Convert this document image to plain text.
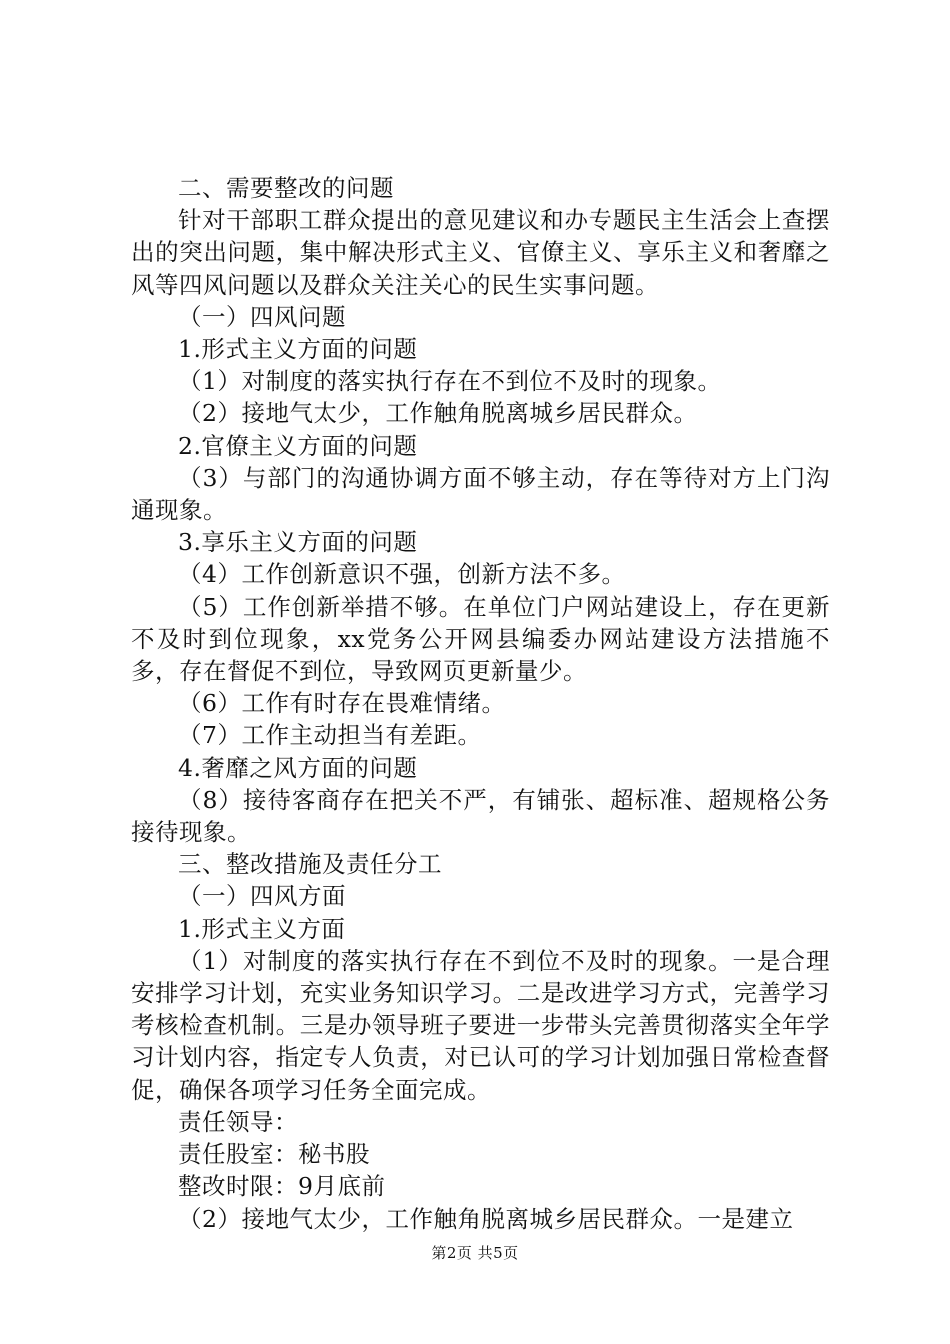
二、需要整改的问题

针对干部职工群众提出的意见建议和办专题民主生活会上查摆出的突出问题，集中解决形式主义、官僚主义、享乐主义和奢靡之风等四风问题以及群众关注关心的民生实事问题。

（一）四风问题

1.形式主义方面的问题

（1）对制度的落实执行存在不到位不及时的现象。

（2）接地气太少，工作触角脱离城乡居民群众。

2.官僚主义方面的问题

（3）与部门的沟通协调方面不够主动，存在等待对方上门沟通现象。

3.享乐主义方面的问题

（4）工作创新意识不强，创新方法不多。

（5）工作创新举措不够。在单位门户网站建设上，存在更新不及时到位现象，xx党务公开网县编委办网站建设方法措施不多，存在督促不到位，导致网页更新量少。

（6）工作有时存在畏难情绪。

（7）工作主动担当有差距。

4.奢靡之风方面的问题

（8）接待客商存在把关不严，有铺张、超标准、超规格公务接待现象。

三、整改措施及责任分工

（一）四风方面

1.形式主义方面

（1）对制度的落实执行存在不到位不及时的现象。一是合理安排学习计划，充实业务知识学习。二是改进学习方式，完善学习考核检查机制。三是办领导班子要进一步带头完善贯彻落实全年学习计划内容，指定专人负责，对已认可的学习计划加强日常检查督促，确保各项学习任务全面完成。

责任领导：

责任股室：秘书股

整改时限：9月底前

（2）接地气太少，工作触角脱离城乡居民群众。一是建立

第2页 共5页
